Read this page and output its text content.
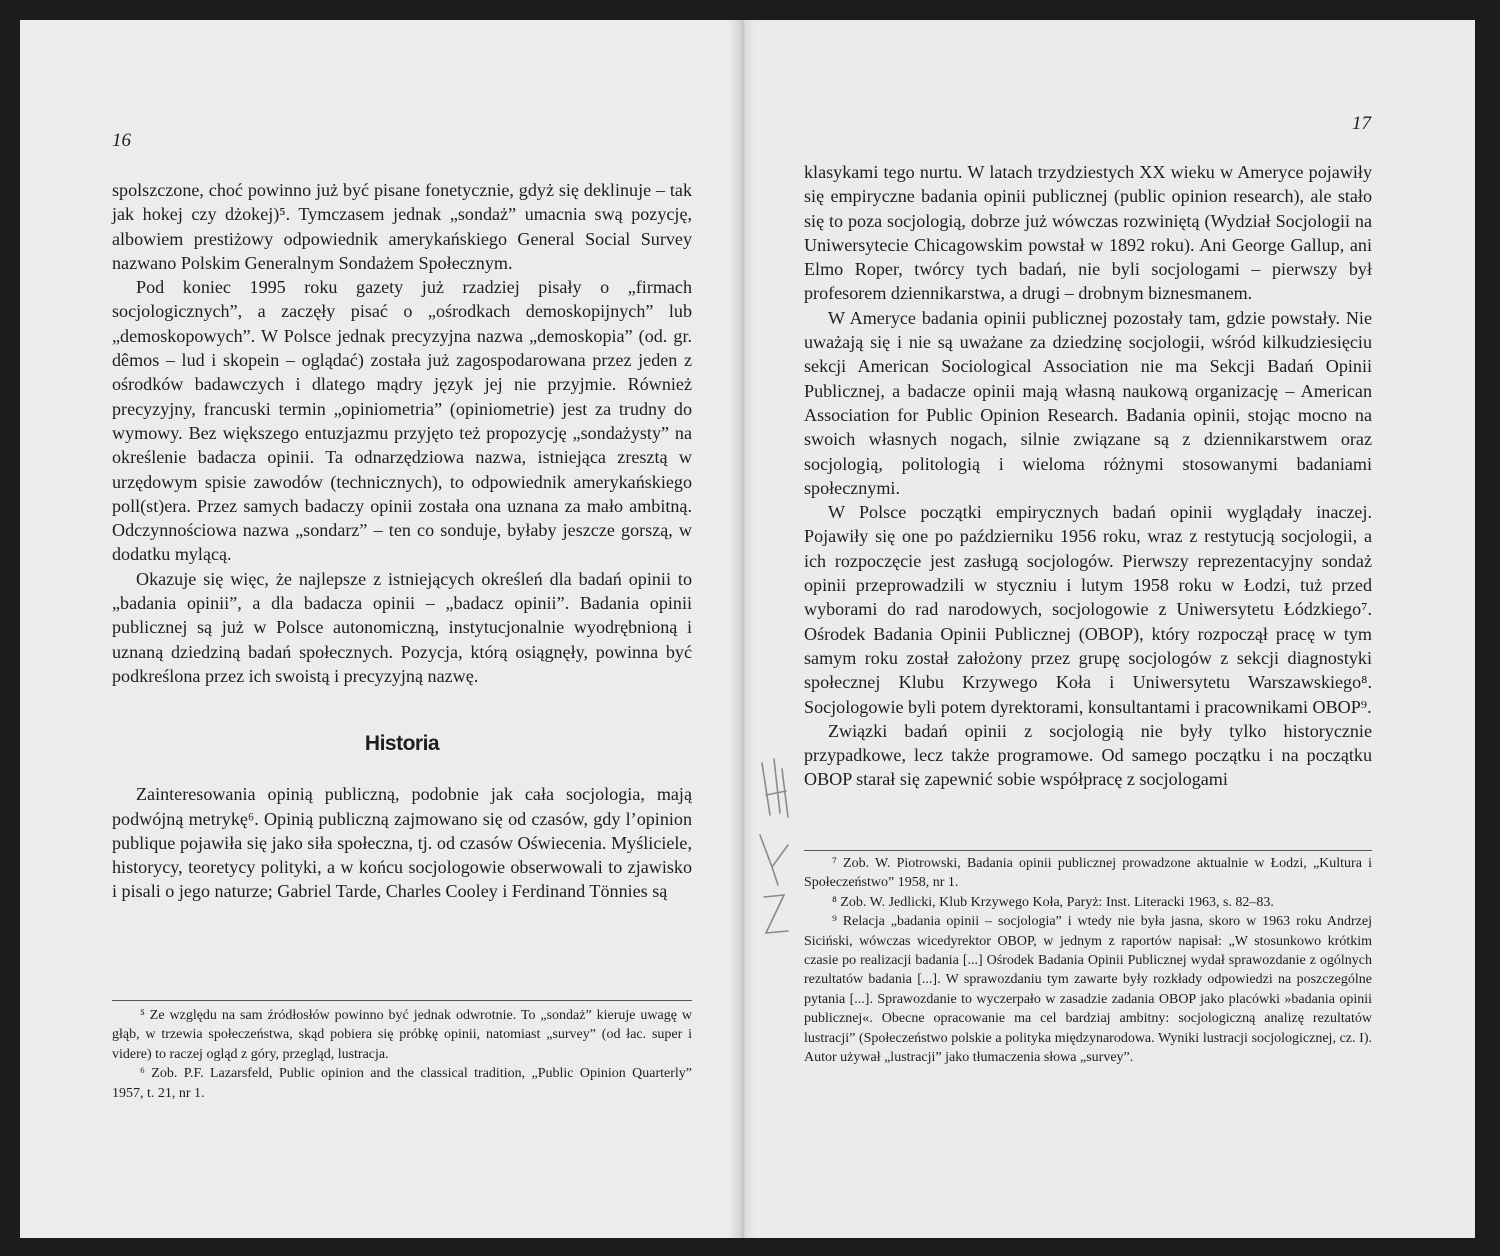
16

spolszczone, choć powinno już być pisane fonetycznie, gdyż się deklinuje – tak jak hokej czy dżokej)⁵. Tymczasem jednak „sondaż” umacnia swą pozycję, albowiem prestiżowy odpowiednik amerykańskiego General Social Survey nazwano Polskim Generalnym Sondażem Społecznym.

Pod koniec 1995 roku gazety już rzadziej pisały o „firmach socjologicznych”, a zaczęły pisać o „ośrodkach demoskopijnych” lub „demoskopowych”. W Polsce jednak precyzyjna nazwa „demoskopia” (od. gr. dêmos – lud i skopein – oglądać) została już zagospodarowana przez jeden z ośrodków badawczych i dlatego mądry język jej nie przyjmie. Również precyzyjny, francuski termin „opiniometria” (opiniometrie) jest za trudny do wymowy. Bez większego entuzjazmu przyjęto też propozycję „sondażysty” na określenie badacza opinii. Ta odnarzędziowa nazwa, istniejąca zresztą w urzędowym spisie zawodów (technicznych), to odpowiednik amerykańskiego poll(st)era. Przez samych badaczy opinii została ona uznana za mało ambitną. Odczynnościowa nazwa „sondarz” – ten co sonduje, byłaby jeszcze gorszą, w dodatku mylącą.

Okazuje się więc, że najlepsze z istniejących określeń dla badań opinii to „badania opinii”, a dla badacza opinii – „badacz opinii”. Badania opinii publicznej są już w Polsce autonomiczną, instytucjonalnie wyodrębnioną i uznaną dziedziną badań społecznych. Pozycja, którą osiągnęły, powinna być podkreślona przez ich swoistą i precyzyjną nazwę.

Historia

Zainteresowania opinią publiczną, podobnie jak cała socjologia, mają podwójną metrykę⁶. Opinią publiczną zajmowano się od czasów, gdy l’opinion publique pojawiła się jako siła społeczna, tj. od czasów Oświecenia. Myśliciele, historycy, teoretycy polityki, a w końcu socjologowie obserwowali to zjawisko i pisali o jego naturze; Gabriel Tarde, Charles Cooley i Ferdinand Tönnies są

⁵ Ze względu na sam źródłosłów powinno być jednak odwrotnie. To „sondaż” kieruje uwagę w głąb, w trzewia społeczeństwa, skąd pobiera się próbkę opinii, natomiast „survey” (od łac. super i videre) to raczej ogląd z góry, przegląd, lustracja.

⁶ Zob. P.F. Lazarsfeld, Public opinion and the classical tradition, „Public Opinion Quarterly” 1957, t. 21, nr 1.

17

klasykami tego nurtu. W latach trzydziestych XX wieku w Ameryce pojawiły się empiryczne badania opinii publicznej (public opinion research), ale stało się to poza socjologią, dobrze już wówczas rozwiniętą (Wydział Socjologii na Uniwersytecie Chicagowskim powstał w 1892 roku). Ani George Gallup, ani Elmo Roper, twórcy tych badań, nie byli socjologami – pierwszy był profesorem dziennikarstwa, a drugi – drobnym biznesmanem.

W Ameryce badania opinii publicznej pozostały tam, gdzie powstały. Nie uważają się i nie są uważane za dziedzinę socjologii, wśród kilkudziesięciu sekcji American Sociological Association nie ma Sekcji Badań Opinii Publicznej, a badacze opinii mają własną naukową organizację – American Association for Public Opinion Research. Badania opinii, stojąc mocno na swoich własnych nogach, silnie związane są z dziennikarstwem oraz socjologią, politologią i wieloma różnymi stosowanymi badaniami społecznymi.

W Polsce początki empirycznych badań opinii wyglądały inaczej. Pojawiły się one po październiku 1956 roku, wraz z restytucją socjologii, a ich rozpoczęcie jest zasługą socjologów. Pierwszy reprezentacyjny sondaż opinii przeprowadzili w styczniu i lutym 1958 roku w Łodzi, tuż przed wyborami do rad narodowych, socjologowie z Uniwersytetu Łódzkiego⁷. Ośrodek Badania Opinii Publicznej (OBOP), który rozpoczął pracę w tym samym roku został założony przez grupę socjologów z sekcji diagnostyki społecznej Klubu Krzywego Koła i Uniwersytetu Warszawskiego⁸. Socjologowie byli potem dyrektorami, konsultantami i pracownikami OBOP⁹.

Związki badań opinii z socjologią nie były tylko historycznie przypadkowe, lecz także programowe. Od samego początku i na początku OBOP starał się zapewnić sobie współpracę z socjologami

⁷ Zob. W. Piotrowski, Badania opinii publicznej prowadzone aktualnie w Łodzi, „Kultura i Społeczeństwo” 1958, nr 1.

⁸ Zob. W. Jedlicki, Klub Krzywego Koła, Paryż: Inst. Literacki 1963, s. 82–83.

⁹ Relacja „badania opinii – socjologia” i wtedy nie była jasna, skoro w 1963 roku Andrzej Siciński, wówczas wicedyrektor OBOP, w jednym z raportów napisał: „W stosunkowo krótkim czasie po realizacji badania [...] Ośrodek Badania Opinii Publicznej wydał sprawozdanie z ogólnych rezultatów badania [...]. W sprawozdaniu tym zawarte były rozkłady odpowiedzi na poszczególne pytania [...]. Sprawozdanie to wyczerpało w zasadzie zadania OBOP jako placówki »badania opinii publicznej«. Obecne opracowanie ma cel bardziaj ambitny: socjologiczną analizę rezultatów lustracji” (Społeczeństwo polskie a polityka międzynarodowa. Wyniki lustracji socjologicznej, cz. I). Autor używał „lustracji” jako tłumaczenia słowa „survey”.
